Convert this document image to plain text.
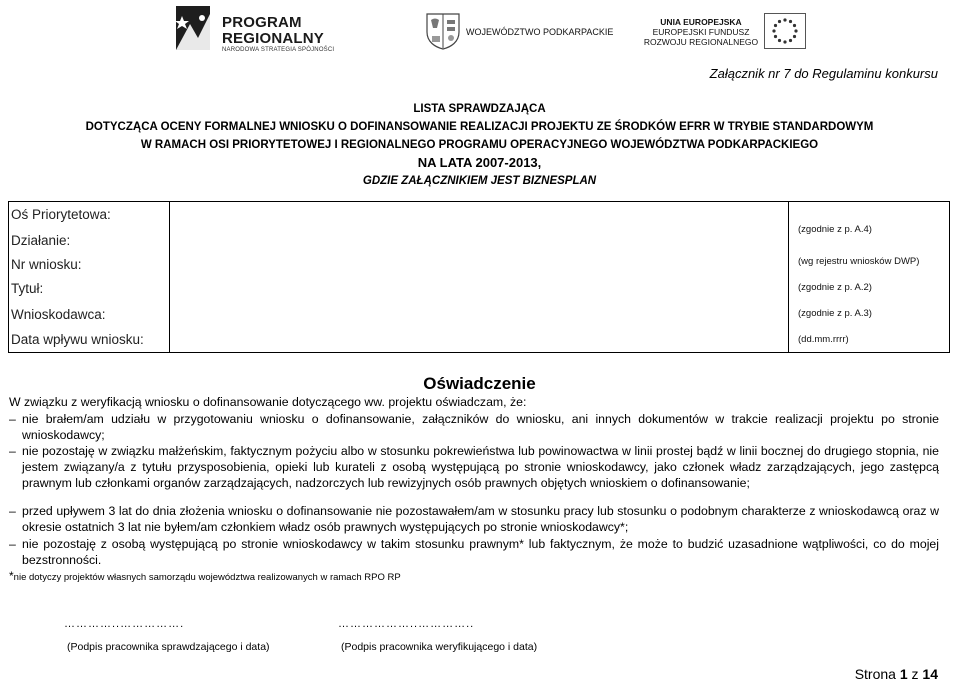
PROGRAM
REGIONALNY
NARODOWA STRATEGIA SPÓJNOŚCI
WOJEWÓDZTWO PODKARPACKIE
UNIA EUROPEJSKA
EUROPEJSKI FUNDUSZ
ROZWOJU REGIONALNEGO
Załącznik nr 7 do Regulaminu konkursu
LISTA SPRAWDZAJĄCA
DOTYCZĄCA OCENY FORMALNEJ WNIOSKU O DOFINANSOWANIE REALIZACJI PROJEKTU ZE ŚRODKÓW EFRR W TRYBIE STANDARDOWYM
W RAMACH OSI PRIORYTETOWEJ I REGIONALNEGO PROGRAMU OPERACYJNEGO WOJEWÓDZTWA PODKARPACKIEGO
NA LATA 2007-2013,
GDZIE ZAŁĄCZNIKIEM JEST BIZNESPLAN
Oś Priorytetowa:
Działanie:
Nr wniosku:
Tytuł:
Wnioskodawca:
Data wpływu wniosku:
(zgodnie z p. A.4)
(wg rejestru wniosków DWP)
(zgodnie z p. A.2)
(zgodnie z p. A.3)
(dd.mm.rrrr)
Oświadczenie
W związku z weryfikacją wniosku o dofinansowanie dotyczącego ww. projektu oświadczam, że:
– nie brałem/am udziału w przygotowaniu wniosku o dofinansowanie, załączników do wniosku, ani innych dokumentów w trakcie realizacji projektu po stronie wnioskodawcy;
– nie pozostaję w związku małżeńskim, faktycznym pożyciu albo w stosunku pokrewieństwa lub powinowactwa w linii prostej bądź w linii bocznej do drugiego stopnia, nie jestem związany/a z tytułu przysposobienia, opieki lub kurateli z osobą występującą po stronie wnioskodawcy, jako członek władz zarządzających, jego zastępcą prawnym lub członkami organów zarządzających, nadzorczych lub rewizyjnych osób prawnych objętych wnioskiem o dofinansowanie;
– przed upływem 3 lat do dnia złożenia wniosku o dofinansowanie nie pozostawałem/am w stosunku pracy lub stosunku o podobnym charakterze z wnioskodawcą oraz w okresie ostatnich 3 lat nie byłem/am członkiem władz osób prawnych występujących po stronie wnioskodawcy*;
– nie pozostaję z osobą występującą po stronie wnioskodawcy w takim stosunku prawnym* lub faktycznym, że może to budzić uzasadnione wątpliwości, co do mojej bezstronności.
*nie dotyczy projektów własnych samorządu województwa realizowanych w ramach RPO RP
…………..…………….	………………..…………..
(Podpis pracownika sprawdzającego i data)	(Podpis pracownika weryfikującego i data)
Strona 1 z 14
